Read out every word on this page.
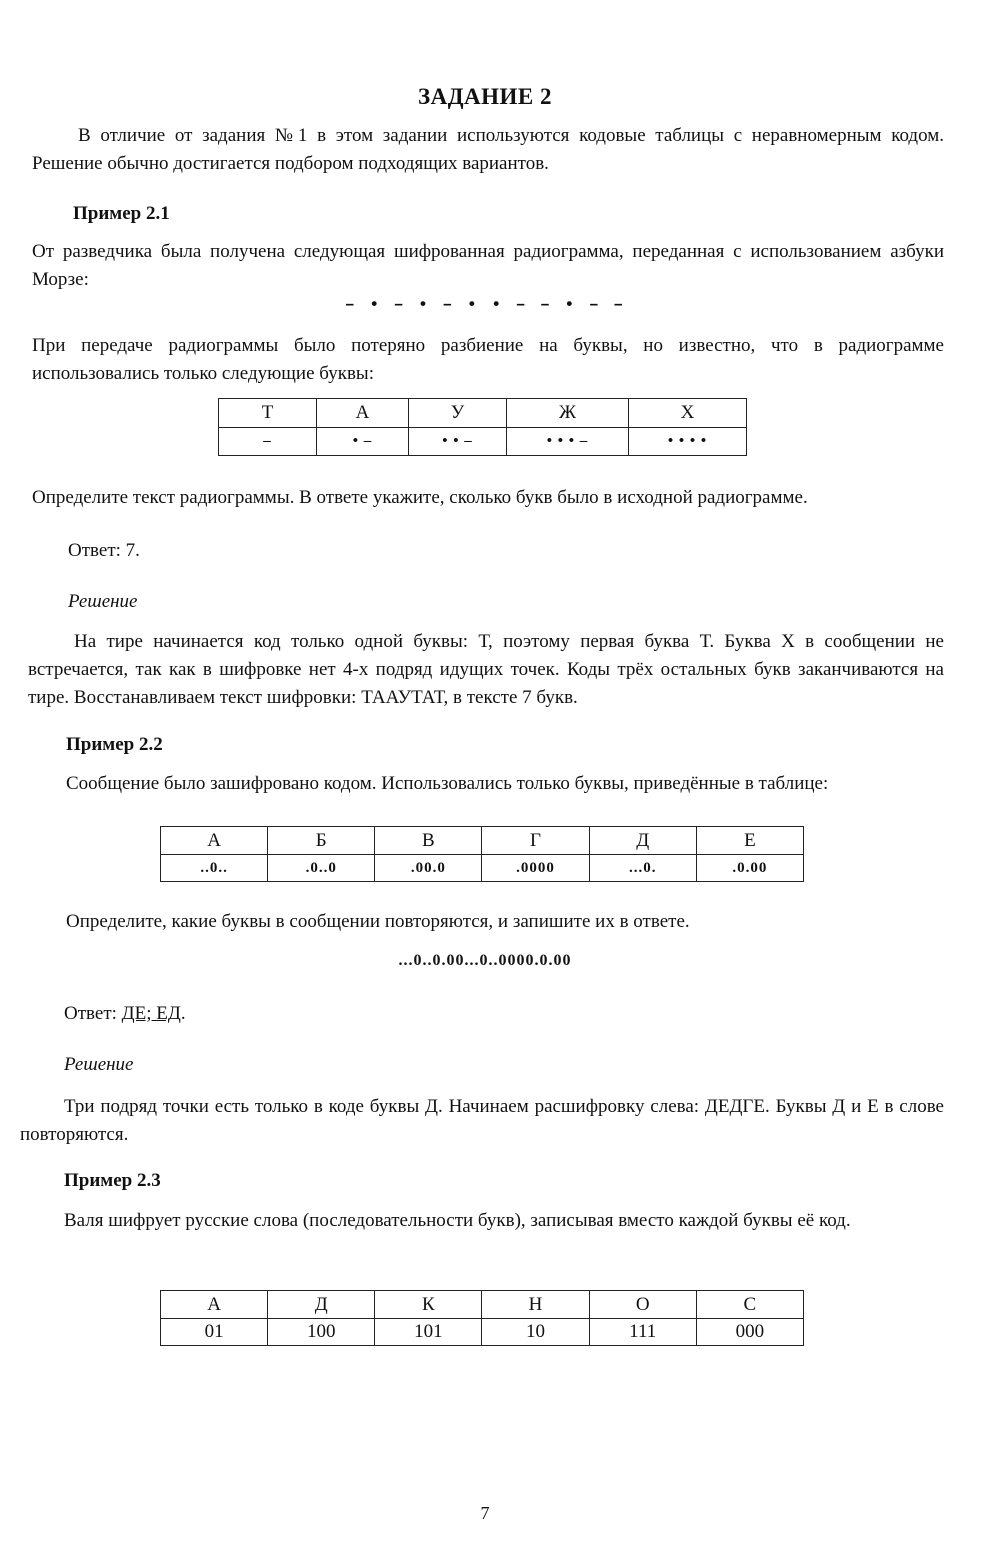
ЗАДАНИЕ 2
В отличие от задания №1 в этом задании используются кодовые таблицы с неравномерным кодом. Решение обычно достигается подбором подходящих вариантов.
Пример 2.1
От разведчика была получена следующая шифрованная радиограмма, переданная с использованием азбуки Морзе:
– • – • – • • – – • – –
При передаче радиограммы было потеряно разбиение на буквы, но известно, что в радиограмме использовались только следующие буквы:
Т	А	У	Ж	Х
–	• –	• • –	• • • –	• • • •
Определите текст радиограммы. В ответе укажите, сколько букв было в исходной радиограмме.
Ответ: 7.
Решение
На тире начинается код только одной буквы: Т, поэтому первая буква Т. Буква Х в сообщении не встречается, так как в шифровке нет 4-х подряд идущих точек. Коды трёх остальных букв заканчиваются на тире. Восстанавливаем текст шифровки: ТААУТАТ, в тексте 7 букв.
Пример 2.2
Сообщение было зашифровано кодом. Использовались только буквы, приведённые в таблице:
А	Б	В	Г	Д	Е
..0..	.0..0	.00.0	.0000	...0.	.0.00
Определите, какие буквы в сообщении повторяются, и запишите их в ответе.
...0..0.00...0..0000.0.00
Ответ: ДЕ; ЕД.
Решение
Три подряд точки есть только в коде буквы Д. Начинаем расшифровку слева: ДЕДГЕ. Буквы Д и Е в слове повторяются.
Пример 2.3
Валя шифрует русские слова (последовательности букв), записывая вместо каждой буквы её код.
А	Д	К	Н	О	С
01	100	101	10	111	000
7
